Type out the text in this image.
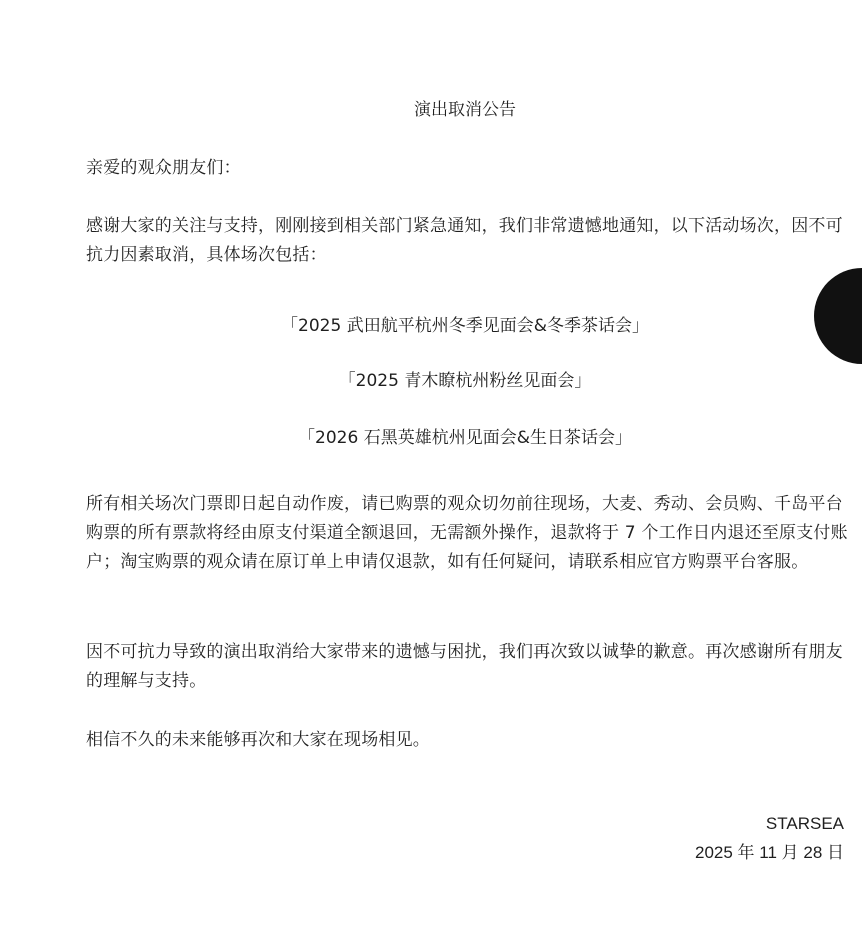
演出取消公告
亲爱的观众朋友们：
感谢大家的关注与支持，刚刚接到相关部门紧急通知，我们非常遗憾地通知，以下活动场次，因不可抗力因素取消，具体场次包括：
「2025 武田航平杭州冬季见面会&冬季茶话会」
「2025 青木瞭杭州粉丝见面会」
「2026 石黑英雄杭州见面会&生日茶话会」
所有相关场次门票即日起自动作废，请已购票的观众切勿前往现场，大麦、秀动、会员购、千岛平台购票的所有票款将经由原支付渠道全额退回，无需额外操作，退款将于 7 个工作日内退还至原支付账户；淘宝购票的观众请在原订单上申请仅退款，如有任何疑问，请联系相应官方购票平台客服。
因不可抗力导致的演出取消给大家带来的遗憾与困扰，我们再次致以诚挚的歉意。再次感谢所有朋友的理解与支持。
相信不久的未来能够再次和大家在现场相见。
STARSEA
2025 年 11 月 28 日
